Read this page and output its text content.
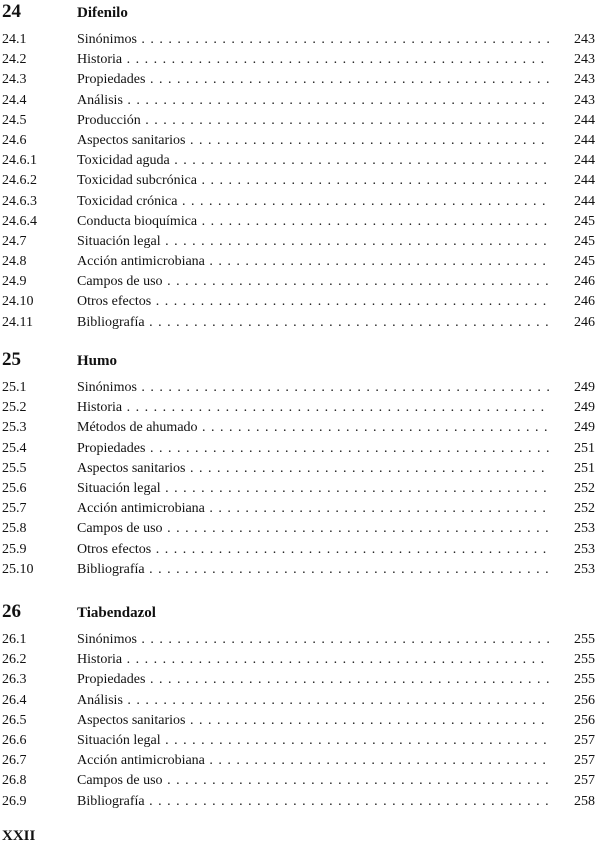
24	Difenilo
24.1	Sinónimos . . .	243
24.2	Historia . . .	243
24.3	Propiedades . . .	243
24.4	Análisis . . .	243
24.5	Producción . . .	244
24.6	Aspectos sanitarios . . .	244
24.6.1	Toxicidad aguda . . .	244
24.6.2	Toxicidad subcrónica . . .	244
24.6.3	Toxicidad crónica . . .	244
24.6.4	Conducta bioquímica . . .	245
24.7	Situación legal . . .	245
24.8	Acción antimicrobiana . . .	245
24.9	Campos de uso . . .	246
24.10	Otros efectos . . .	246
24.11	Bibliografía . . .	246
25	Humo
25.1	Sinónimos . . .	249
25.2	Historia . . .	249
25.3	Métodos de ahumado . . .	249
25.4	Propiedades . . .	251
25.5	Aspectos sanitarios . . .	251
25.6	Situación legal . . .	252
25.7	Acción antimicrobiana . . .	252
25.8	Campos de uso . . .	253
25.9	Otros efectos . . .	253
25.10	Bibliografía . . .	253
26	Tiabendazol
26.1	Sinónimos . . .	255
26.2	Historia . . .	255
26.3	Propiedades . . .	255
26.4	Análisis . . .	256
26.5	Aspectos sanitarios . . .	256
26.6	Situación legal . . .	257
26.7	Acción antimicrobiana . . .	257
26.8	Campos de uso . . .	257
26.9	Bibliografía . . .	258
XXII
